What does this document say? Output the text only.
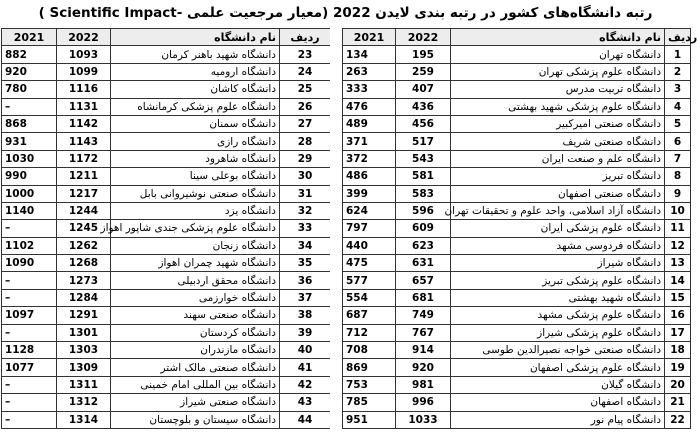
رتبه دانشگاه‌های کشور در رتبه بندی لایدن 2022 (معیار مرجعیت علمی -Scientific Impact )
2021	2022	نام دانشگاه	ردیف
882	1093	دانشگاه شهید باهنر کرمان	23
920	1099	دانشگاه ارومیه	24
780	1116	دانشگاه کاشان	25
–	1131	دانشگاه علوم پزشکی کرمانشاه	26
868	1142	دانشگاه سمنان	27
931	1143	دانشگاه رازی	28
1030	1172	دانشگاه شاهرود	29
990	1211	دانشگاه بوعلی سینا	30
1000	1217	دانشگاه صنعتی نوشیروانی بابل	31
1140	1244	دانشگاه یزد	32
–	1245	دانشگاه علوم پزشکی جندی شاپور اهواز	33
1102	1262	دانشگاه زنجان	34
1090	1268	دانشگاه شهید چمران اهواز	35
–	1273	دانشگاه محقق اردبیلی	36
–	1284	دانشگاه خوارزمی	37
1097	1291	دانشگاه صنعتی سهند	38
–	1301	دانشگاه کردستان	39
1128	1303	دانشگاه مازندران	40
1077	1309	دانشگاه صنعتی مالک اشتر	41
–	1311	دانشگاه بین المللی امام خمینی	42
–	1312	دانشگاه صنعتی شیراز	43
–	1314	دانشگاه سیستان و بلوچستان	44
2021	2022	نام دانشگاه	ردیف
134	195	دانشگاه تهران	1
263	259	دانشگاه علوم پزشکی تهران	2
333	407	دانشگاه تربیت مدرس	3
476	436	دانشگاه علوم پزشکی شهید بهشتی	4
489	456	دانشگاه صنعتی امیرکبیر	5
371	517	دانشگاه صنعتی شریف	6
372	543	دانشگاه علم و صنعت ایران	7
486	581	دانشگاه تبریز	8
399	583	دانشگاه صنعتی اصفهان	9
624	596	دانشگاه آزاد اسلامی، واحد علوم و تحقیقات تهران	10
797	609	دانشگاه علوم پزشکی ایران	11
440	623	دانشگاه فردوسی مشهد	12
475	631	دانشگاه شیراز	13
577	657	دانشگاه علوم پزشکی تبریز	14
554	681	دانشگاه شهید بهشتی	15
687	749	دانشگاه علوم پزشکی مشهد	16
712	767	دانشگاه علوم پزشکی شیراز	17
708	914	دانشگاه صنعتی خواجه نصیرالدین طوسی	18
869	920	دانشگاه علوم پزشکی اصفهان	19
753	981	دانشگاه گیلان	20
785	996	دانشگاه اصفهان	21
951	1033	دانشگاه پیام نور	22
